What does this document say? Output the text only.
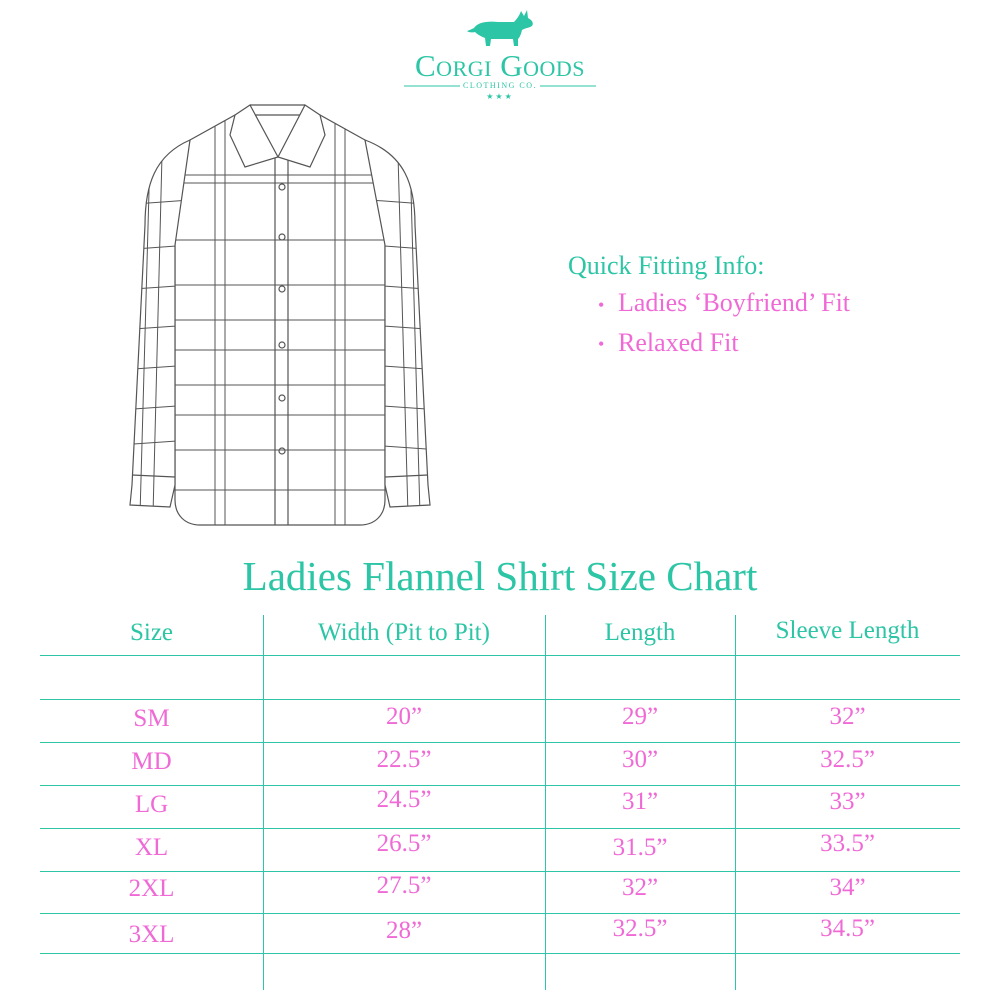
Corgi Goods
CLOTHING CO.
★★★
Quick Fitting Info:
• Ladies ‘Boyfriend’ Fit
• Relaxed Fit
Ladies Flannel Shirt Size Chart
Size	Width (Pit to Pit)	Length	Sleeve Length
SM	20”	29”	32”
MD	22.5”	30”	32.5”
LG	24.5”	31”	33”
XL	26.5”	31.5”	33.5”
2XL	27.5”	32”	34”
3XL	28”	32.5”	34.5”
